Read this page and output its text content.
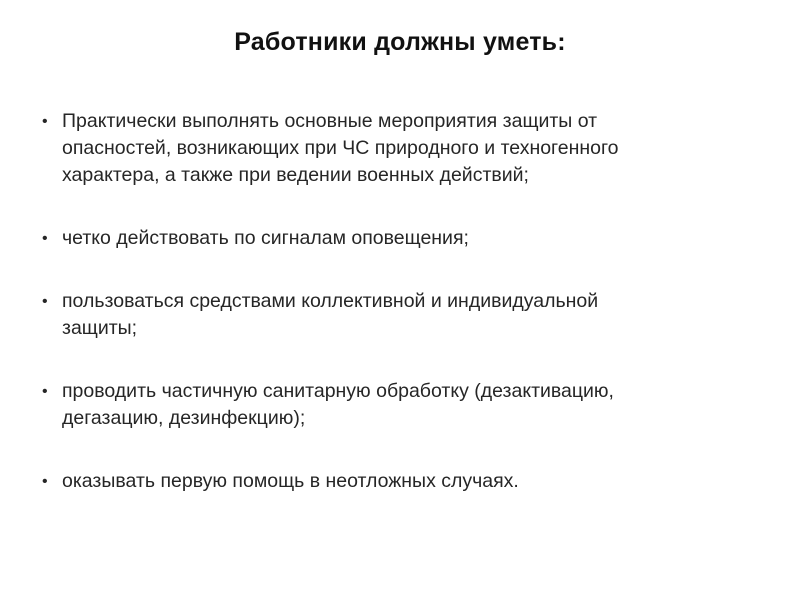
Работники должны уметь:
• Практически выполнять основные мероприятия защиты от
опасностей, возникающих при ЧС природного и техногенного
характера, а также при ведении военных действий;
• четко действовать по сигналам оповещения;
• пользоваться средствами коллективной и индивидуальной
защиты;
• проводить частичную санитарную обработку (дезактивацию,
дегазацию, дезинфекцию);
• оказывать первую помощь в неотложных случаях.
